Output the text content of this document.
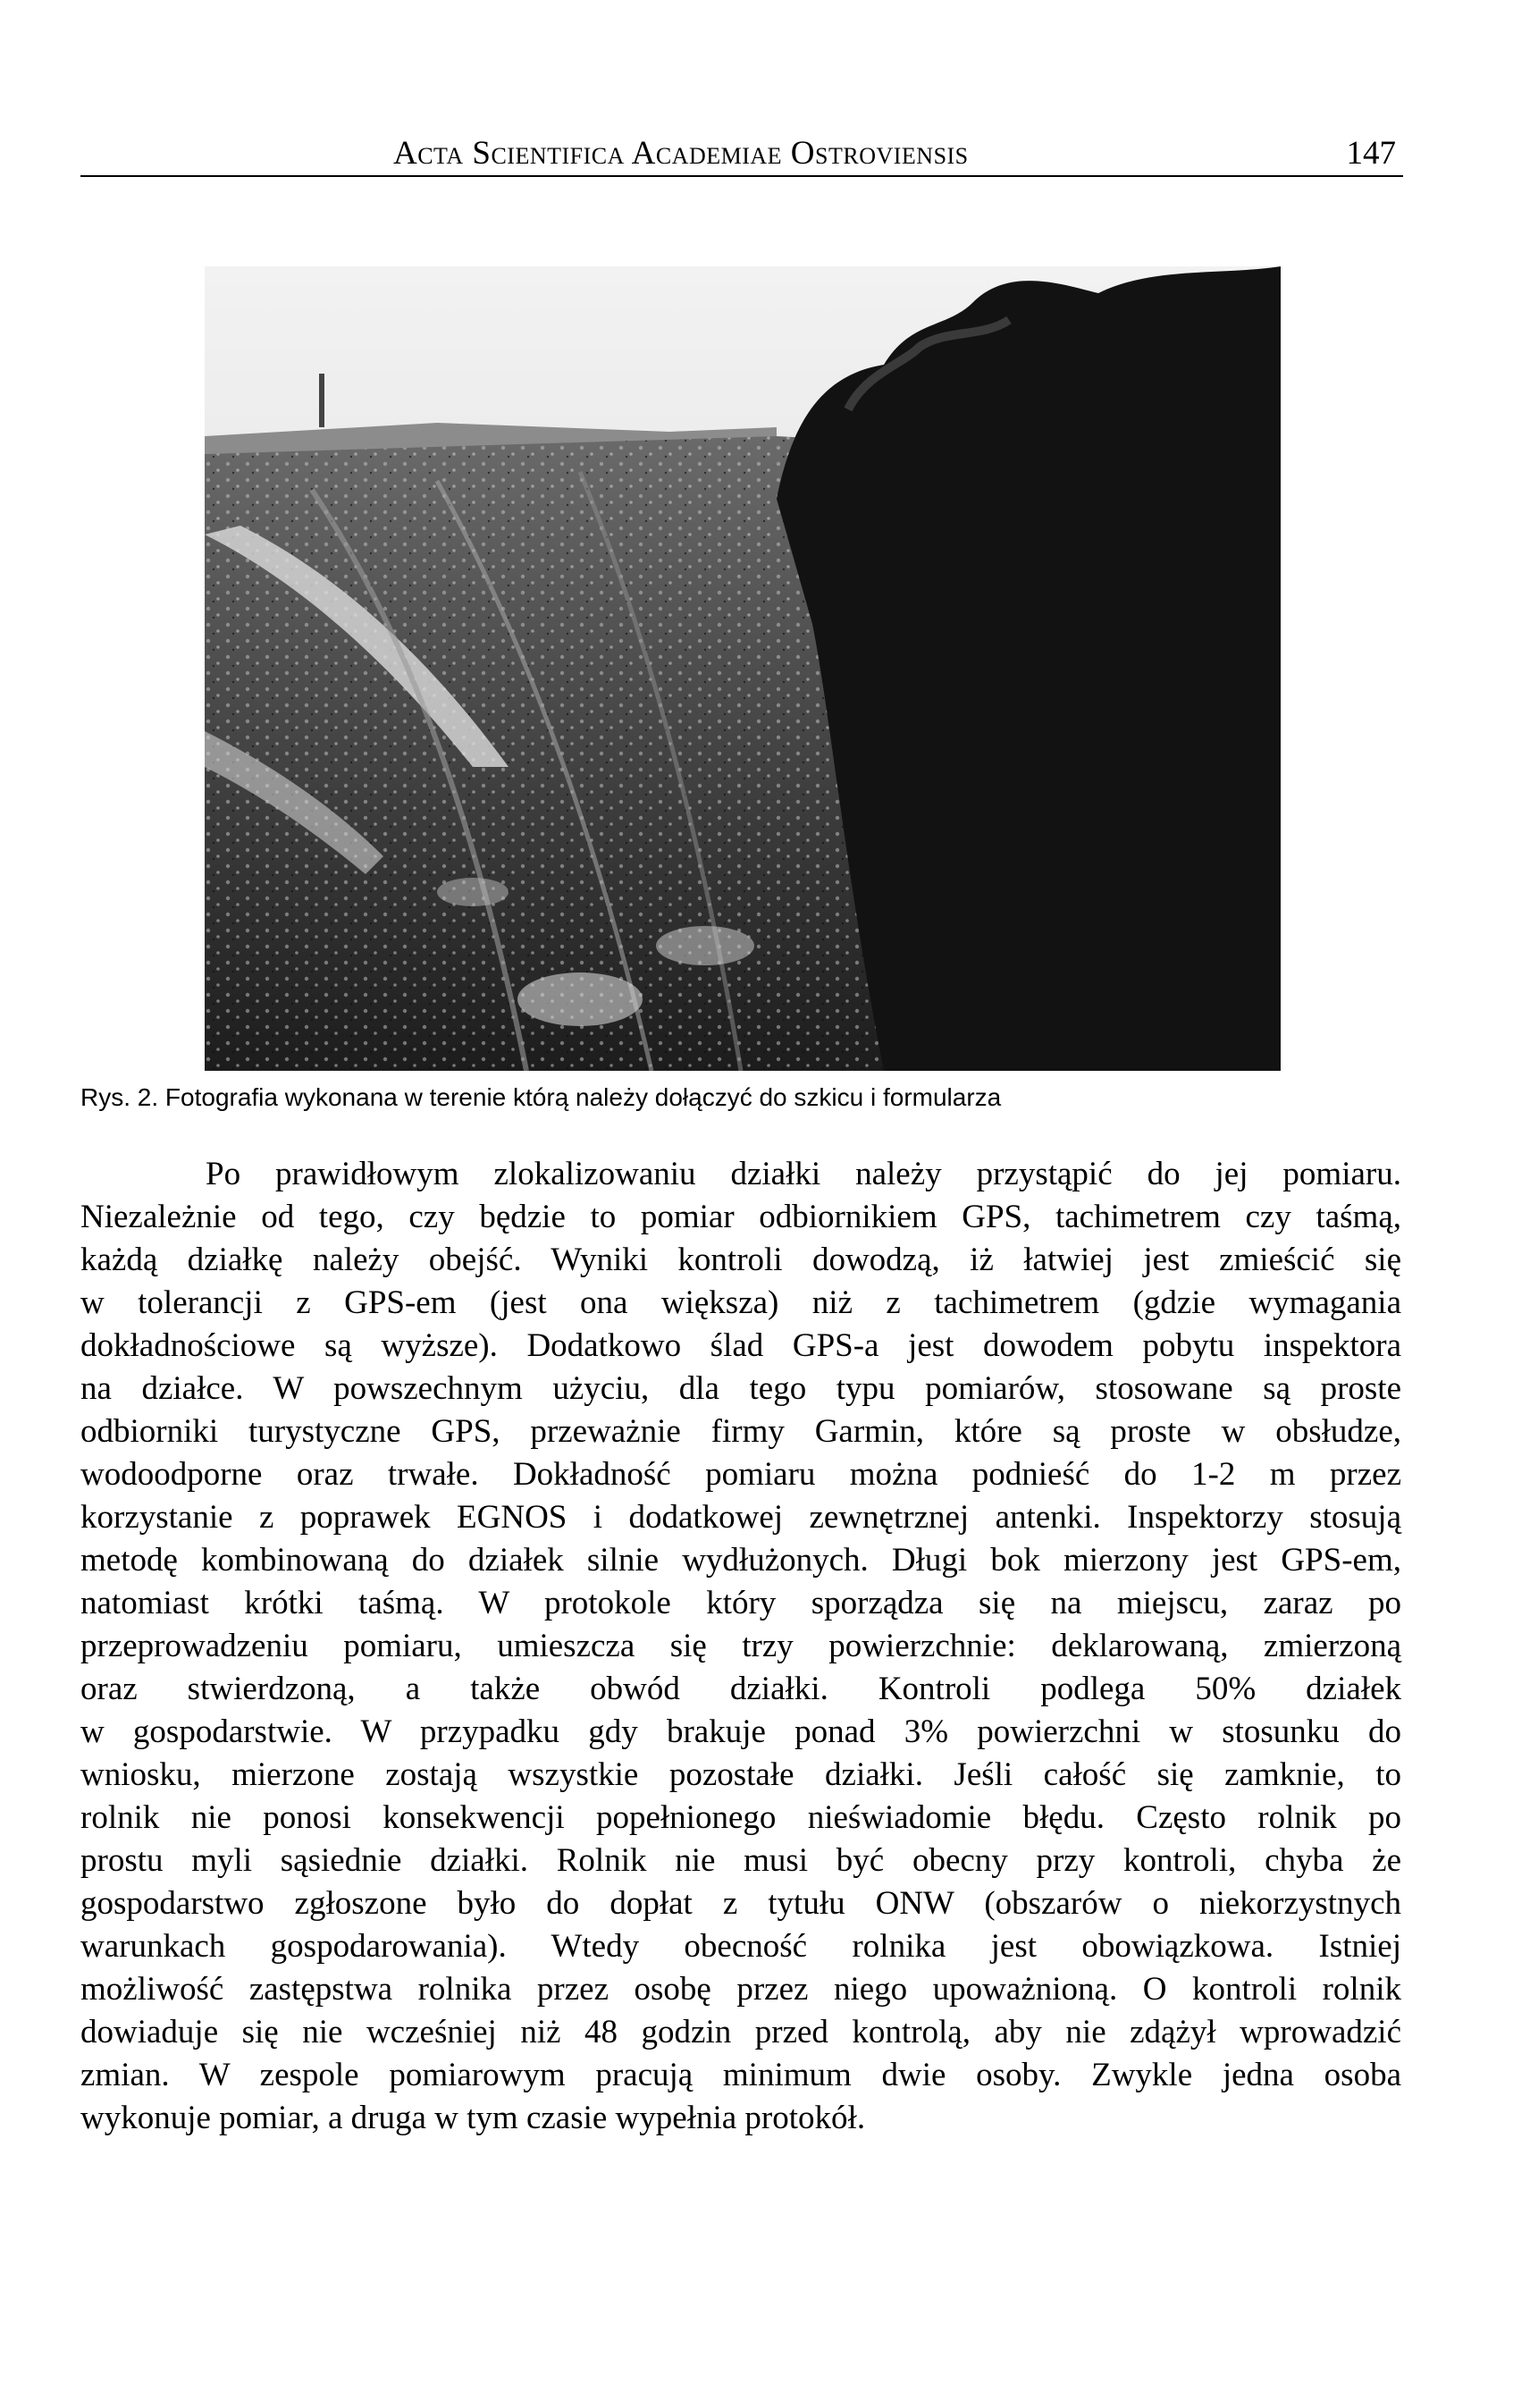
Acta Scientifica Academiae Ostroviensis	147
Rys. 2. Fotografia wykonana w terenie którą należy dołączyć do szkicu i formularza
Po prawidłowym zlokalizowaniu działki należy przystąpić do jej pomiaru.
Niezależnie od tego, czy będzie to pomiar odbiornikiem GPS, tachimetrem czy taśmą,
każdą działkę należy obejść. Wyniki kontroli dowodzą, iż łatwiej jest zmieścić się
w tolerancji z GPS-em (jest ona większa) niż z tachimetrem (gdzie wymagania
dokładnościowe są wyższe). Dodatkowo ślad GPS-a jest dowodem pobytu inspektora
na działce. W powszechnym użyciu, dla tego typu pomiarów, stosowane są proste
odbiorniki turystyczne GPS, przeważnie firmy Garmin, które są proste w obsłudze,
wodoodporne oraz trwałe. Dokładność pomiaru można podnieść do 1-2 m przez
korzystanie z poprawek EGNOS i dodatkowej zewnętrznej antenki. Inspektorzy stosują
metodę kombinowaną do działek silnie wydłużonych. Długi bok mierzony jest GPS-em,
natomiast krótki taśmą. W protokole który sporządza się na miejscu, zaraz po
przeprowadzeniu pomiaru, umieszcza się trzy powierzchnie: deklarowaną, zmierzoną
oraz stwierdzoną, a także obwód działki. Kontroli podlega 50% działek
w gospodarstwie. W przypadku gdy brakuje ponad 3% powierzchni w stosunku do
wniosku, mierzone zostają wszystkie pozostałe działki. Jeśli całość się zamknie, to
rolnik nie ponosi konsekwencji popełnionego nieświadomie błędu. Często rolnik po
prostu myli sąsiednie działki. Rolnik nie musi być obecny przy kontroli, chyba że
gospodarstwo zgłoszone było do dopłat z tytułu ONW (obszarów o niekorzystnych
warunkach gospodarowania). Wtedy obecność rolnika jest obowiązkowa. Istniej
możliwość zastępstwa rolnika przez osobę przez niego upoważnioną. O kontroli rolnik
dowiaduje się nie wcześniej niż 48 godzin przed kontrolą, aby nie zdążył wprowadzić
zmian. W zespole pomiarowym pracują minimum dwie osoby. Zwykle jedna osoba
wykonuje pomiar, a druga w tym czasie wypełnia protokół.
